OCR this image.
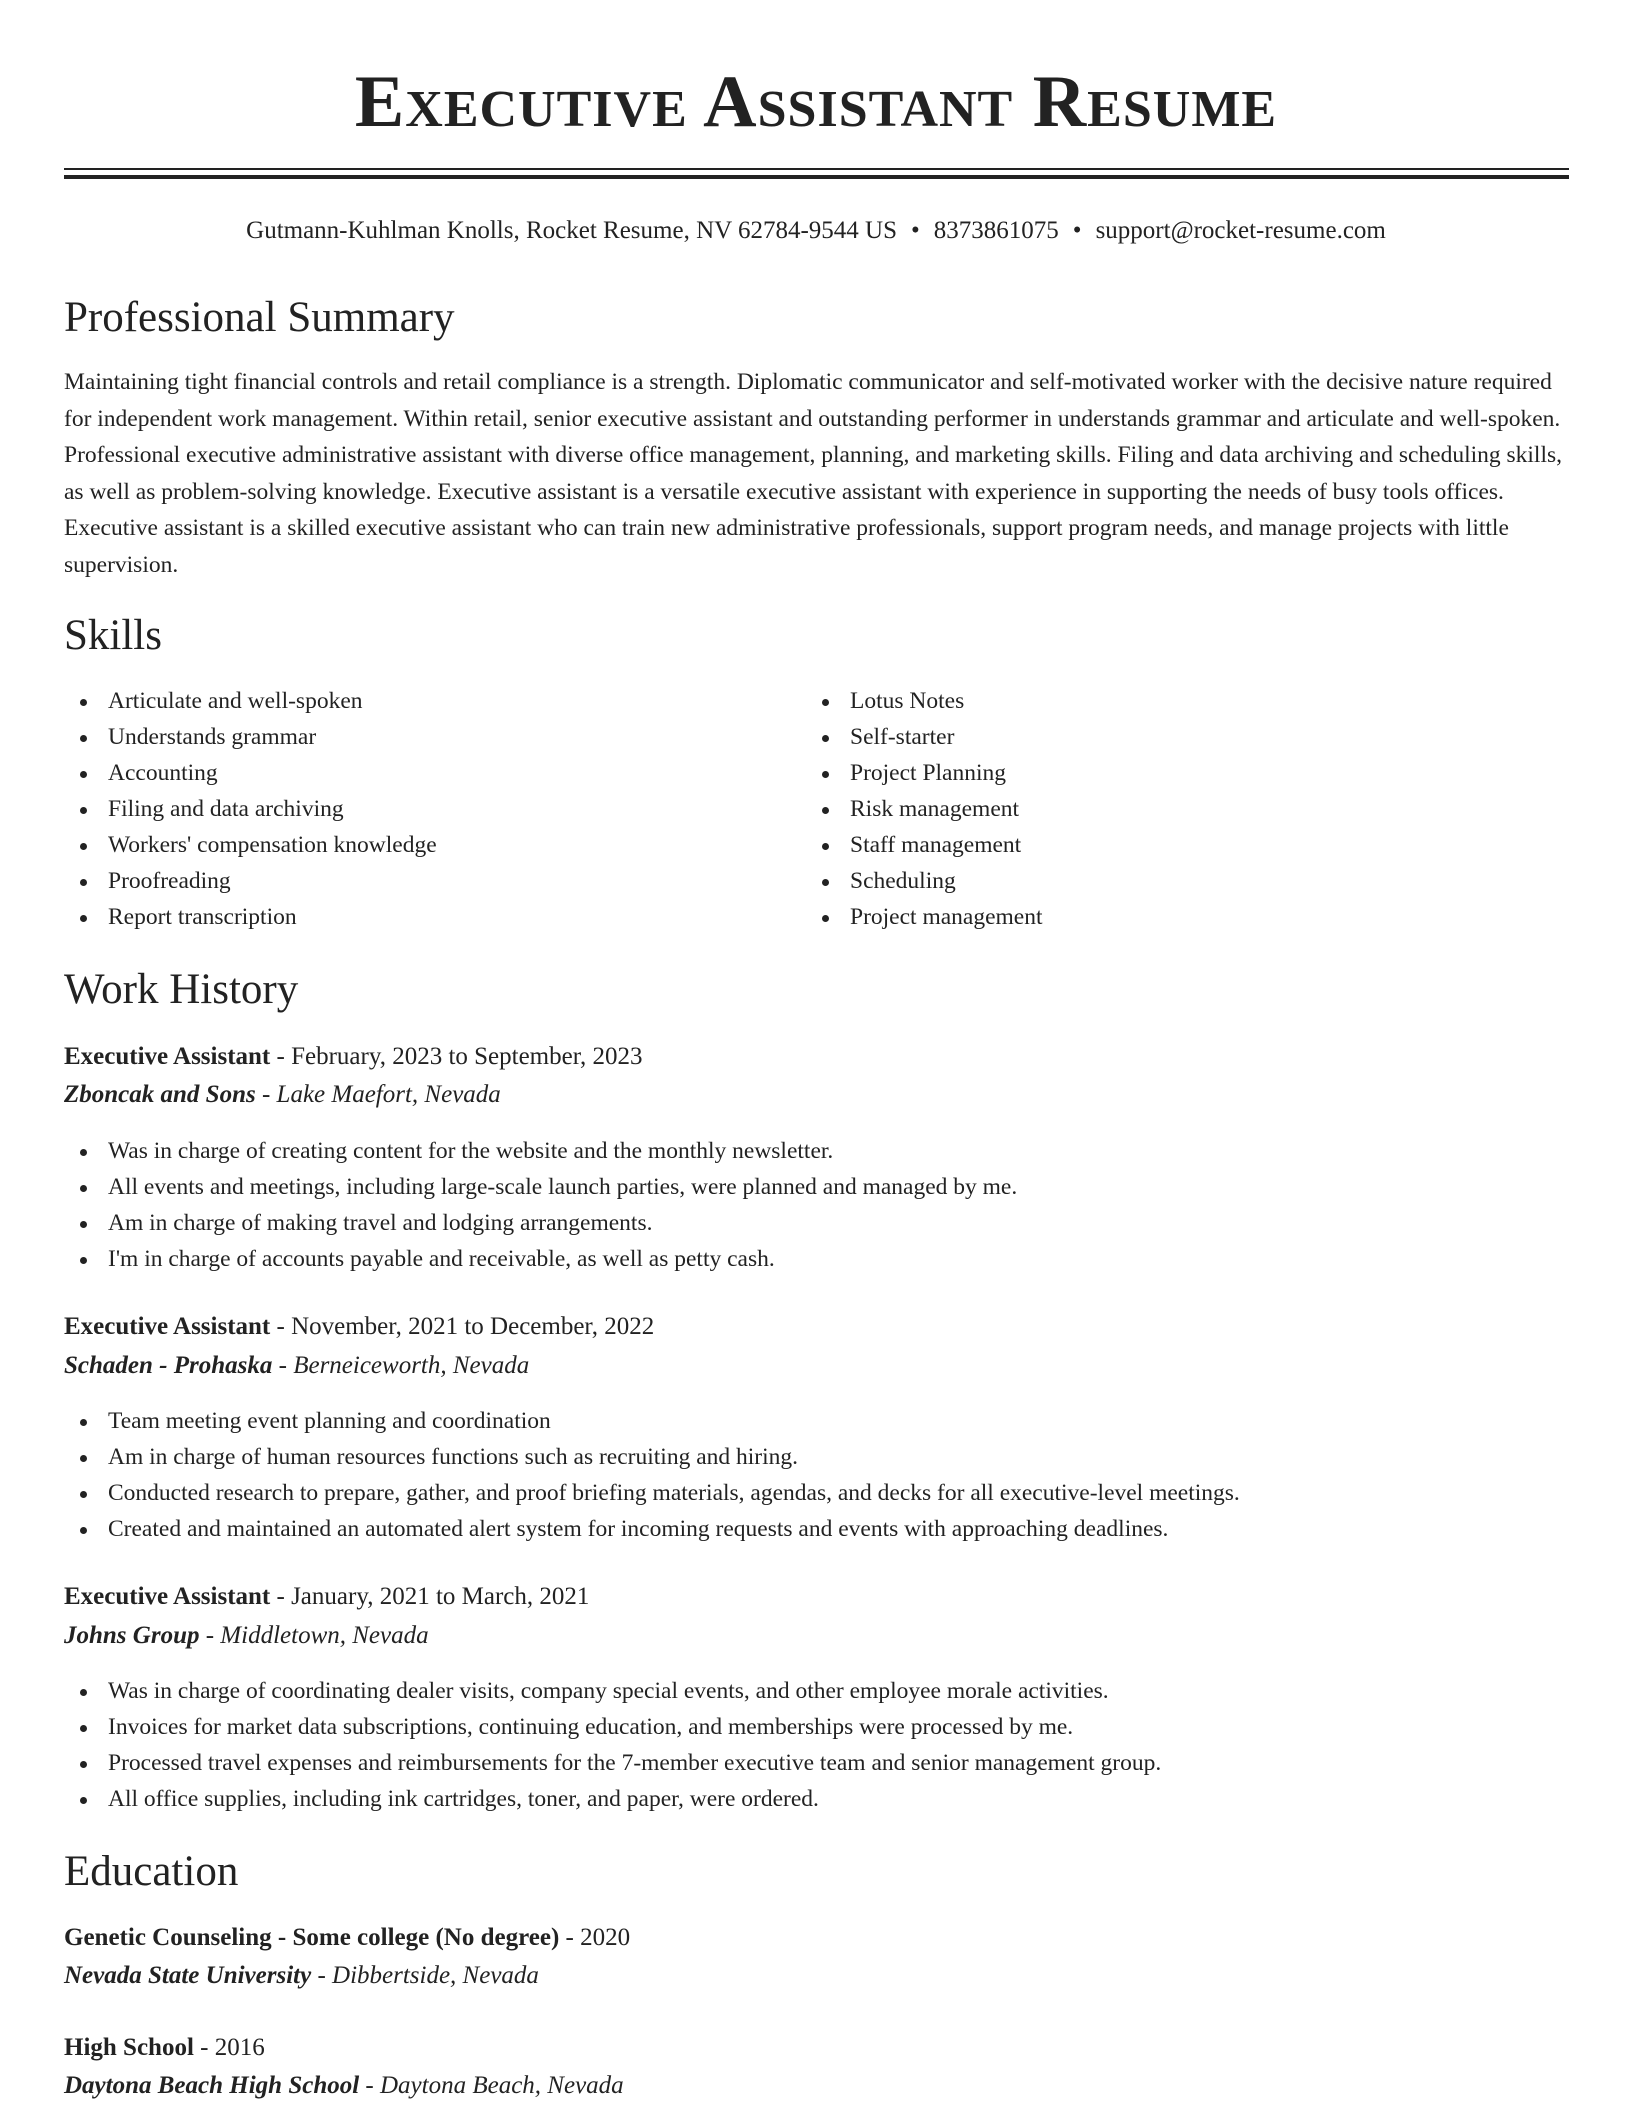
Executive Assistant Resume
Gutmann-Kuhlman Knolls, Rocket Resume, NV 62784-9544 US • 8373861075 • support@rocket-resume.com
Professional Summary

Maintaining tight financial controls and retail compliance is a strength. Diplomatic communicator and self-motivated worker with the decisive nature required for independent work management. Within retail, senior executive assistant and outstanding performer in understands grammar and articulate and well-spoken. Professional executive administrative assistant with diverse office management, planning, and marketing skills. Filing and data archiving and scheduling skills, as well as problem-solving knowledge. Executive assistant is a versatile executive assistant with experience in supporting the needs of busy tools offices. Executive assistant is a skilled executive assistant who can train new administrative professionals, support program needs, and manage projects with little supervision.

Skills
Articulate and well-spoken
Understands grammar
Accounting
Filing and data archiving
Workers' compensation knowledge
Proofreading
Report transcription
Lotus Notes
Self-starter
Project Planning
Risk management
Staff management
Scheduling
Project management
Work History
Executive Assistant - February, 2023 to September, 2023
Zboncak and Sons - Lake Maefort, Nevada
Was in charge of creating content for the website and the monthly newsletter.
All events and meetings, including large-scale launch parties, were planned and managed by me.
Am in charge of making travel and lodging arrangements.
I'm in charge of accounts payable and receivable, as well as petty cash.
Executive Assistant - November, 2021 to December, 2022
Schaden - Prohaska - Berneiceworth, Nevada
Team meeting event planning and coordination
Am in charge of human resources functions such as recruiting and hiring.
Conducted research to prepare, gather, and proof briefing materials, agendas, and decks for all executive-level meetings.
Created and maintained an automated alert system for incoming requests and events with approaching deadlines.
Executive Assistant - January, 2021 to March, 2021
Johns Group - Middletown, Nevada
Was in charge of coordinating dealer visits, company special events, and other employee morale activities.
Invoices for market data subscriptions, continuing education, and memberships were processed by me.
Processed travel expenses and reimbursements for the 7-member executive team and senior management group.
All office supplies, including ink cartridges, toner, and paper, were ordered.
Education
Genetic Counseling - Some college (No degree) - 2020
Nevada State University - Dibbertside, Nevada
High School - 2016
Daytona Beach High School - Daytona Beach, Nevada
